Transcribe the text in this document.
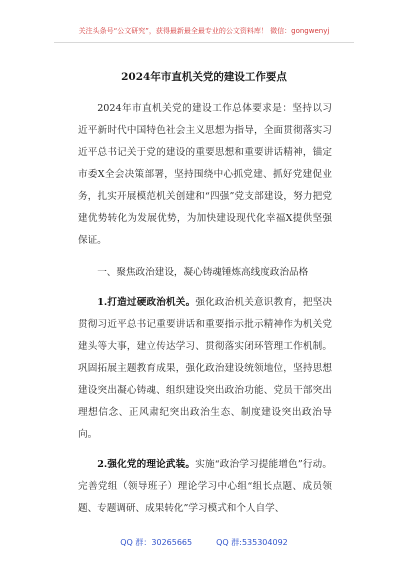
关注头条号“公文研究”，获得最新最全最专业的公文资料库！ 微信：gongwenyj
2024年市直机关党的建设工作要点

2024年市直机关党的建设工作总体要求是：坚持以习近平新时代中国特色社会主义思想为指导，全面贯彻落实习近平总书记关于党的建设的重要思想和重要讲话精神，锚定市委X全会决策部署，坚持围绕中心抓党建、抓好党建促业务，扎实开展模范机关创建和“四强”党支部建设，努力把党建优势转化为发展优势，为加快建设现代化幸福X提供坚强保证。

一、聚焦政治建设，凝心铸魂锤炼高线度政治品格

1.打造过硬政治机关。强化政治机关意识教育，把坚决贯彻习近平总书记重要讲话和重要指示批示精神作为机关党建头等大事，建立传达学习、贯彻落实闭环管理工作机制。巩固拓展主题教育成果，强化政治建设统领地位，坚持思想建设突出凝心铸魂、组织建设突出政治功能、党员干部突出理想信念、正风肃纪突出政治生态、制度建设突出政治导向。

2.强化党的理论武装。实施“政治学习提能增色”行动。完善党组（领导班子）理论学习中心组“组长点题、成员领题、专题调研、成果转化”学习模式和个人自学、

QQ 群：30265665	QQ 群:535304092
